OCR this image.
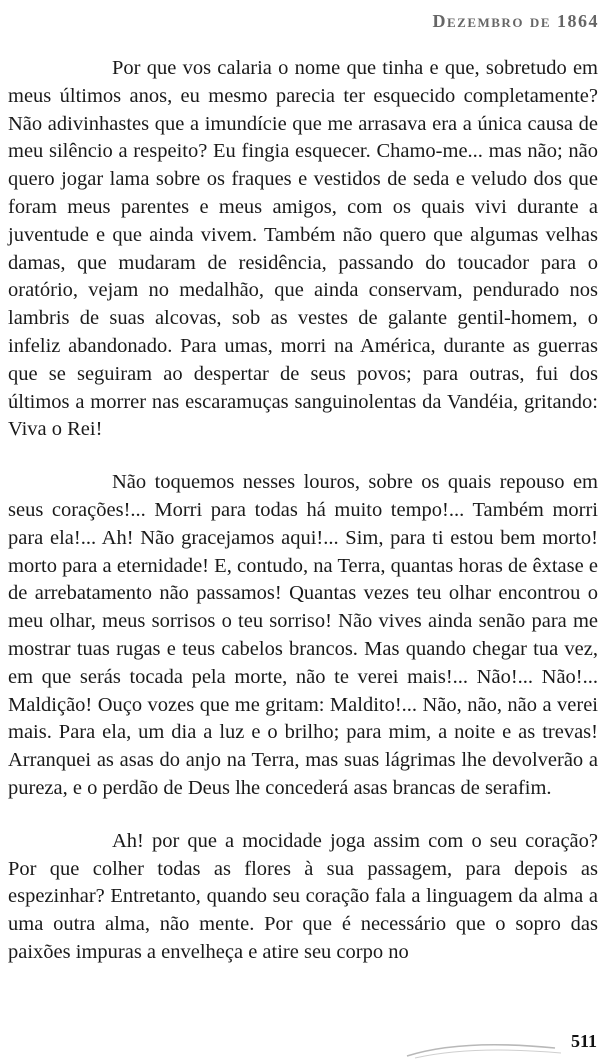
Dezembro de 1864

Por que vos calaria o nome que tinha e que, sobretudo em meus últimos anos, eu mesmo parecia ter esquecido completamente? Não adivinhastes que a imundície que me arrasava era a única causa de meu silêncio a respeito? Eu fingia esquecer. Chamo-me... mas não; não quero jogar lama sobre os fraques e vestidos de seda e veludo dos que foram meus parentes e meus amigos, com os quais vivi durante a juventude e que ainda vivem. Também não quero que algumas velhas damas, que mudaram de residência, passando do toucador para o oratório, vejam no medalhão, que ainda conservam, pendurado nos lambris de suas alcovas, sob as vestes de galante gentil-homem, o infeliz abandonado. Para umas, morri na América, durante as guerras que se seguiram ao despertar de seus povos; para outras, fui dos últimos a morrer nas escaramuças sanguinolentas da Vandéia, gritando: Viva o Rei!

Não toquemos nesses louros, sobre os quais repouso em seus corações!... Morri para todas há muito tempo!... Também morri para ela!... Ah! Não gracejamos aqui!... Sim, para ti estou bem morto! morto para a eternidade! E, contudo, na Terra, quantas horas de êxtase e de arrebatamento não passamos! Quantas vezes teu olhar encontrou o meu olhar, meus sorrisos o teu sorriso! Não vives ainda senão para me mostrar tuas rugas e teus cabelos brancos. Mas quando chegar tua vez, em que serás tocada pela morte, não te verei mais!... Não!... Não!... Maldição! Ouço vozes que me gritam: Maldito!... Não, não, não a verei mais. Para ela, um dia a luz e o brilho; para mim, a noite e as trevas! Arranquei as asas do anjo na Terra, mas suas lágrimas lhe devolverão a pureza, e o perdão de Deus lhe concederá asas brancas de serafim.

Ah! por que a mocidade joga assim com o seu coração? Por que colher todas as flores à sua passagem, para depois as espezinhar? Entretanto, quando seu coração fala a linguagem da alma a uma outra alma, não mente. Por que é necessário que o sopro das paixões impuras a envelheça e atire seu corpo no

511
